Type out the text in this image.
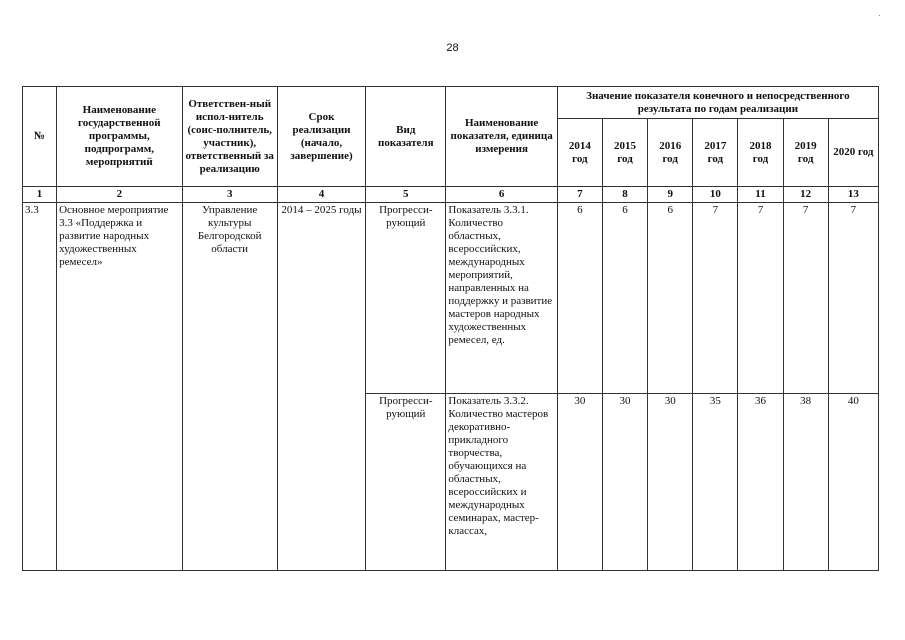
28
·
№	Наименование государственной программы, подпрограмм, мероприятий	Ответствен-ный испол-нитель (соис-полнитель, участник), ответственный за реализацию	Срок реализации (начало, завершение)	Вид показателя	Наименование показателя, единица измерения	Значение показателя конечного и непосредственного результата по годам реализации						
						2014 год	2015 год	2016 год	2017 год	2018 год	2019 год	2020 год
1	2	3	4	5	6	7	8	9	10	11	12	13
3.3	Основное мероприятие 3.3 «Поддержка и развитие народных художественных ремесел»	Управление культуры Белгородской области	2014 – 2025 годы	Прогресси-рующий	Показатель 3.3.1. Количество областных, всероссийских, международных мероприятий, направленных на поддержку и развитие мастеров народных художественных ремесел, ед.	6	6	6	7	7	7	7
				Прогресси-рующий	Показатель 3.3.2. Количество мастеров декоративно-прикладного творчества, обучающихся на областных, всероссийских и международных семинарах, мастер-классах,	30	30	30	35	36	38	40
